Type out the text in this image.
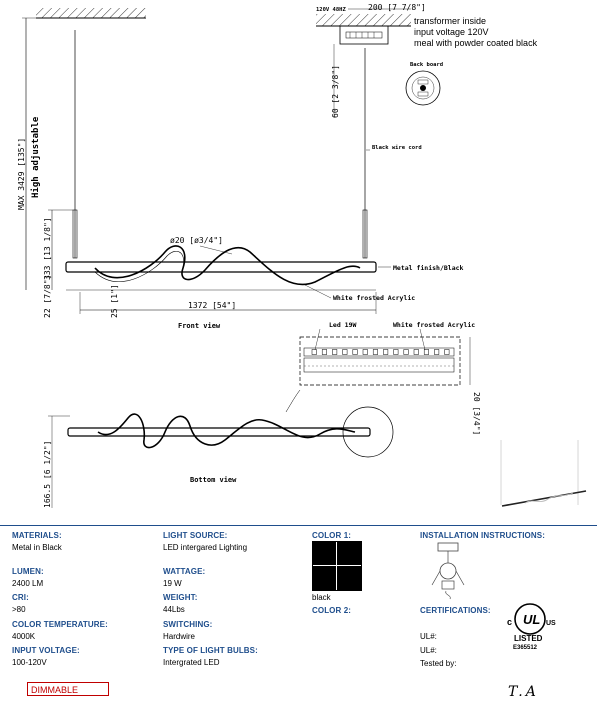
MAX 3429 [135"] High adjustable
333 [13 1/8"]
22 [7/8"]	1372 [54"]
25 [1"]
ø20 [ø3/4"]
Front view
Metal finish/Black
White frosted Acrylic
120V 48HZ	200 [7 7/8"]
60 [2 3/8"]
Back board
Black wire cord
20 [3/4"]
Led 19W	White frosted Acrylic
166.5 [6 1/2"]	Bottom view
transformer inside
input voltage 120V
meal with powder coated black
MATERIALS:
Metal in Black
LUMEN:
2400 LM
CRI:
>80
COLOR TEMPERATURE:
4000K
INPUT VOLTAGE:
100-120V
LIGHT SOURCE:
LED intergared Lighting
WATTAGE:
19 W
WEIGHT:
44Lbs
SWITCHING:
Hardwire
TYPE OF LIGHT BULBS:
Intergrated LED
COLOR 1:
black
COLOR 2:
INSTALLATION INSTRUCTIONS:
CERTIFICATIONS:
UL#:
UL#:
Tested by:
UL
c	US
LISTED
E365512
DIMMABLE	T.A
